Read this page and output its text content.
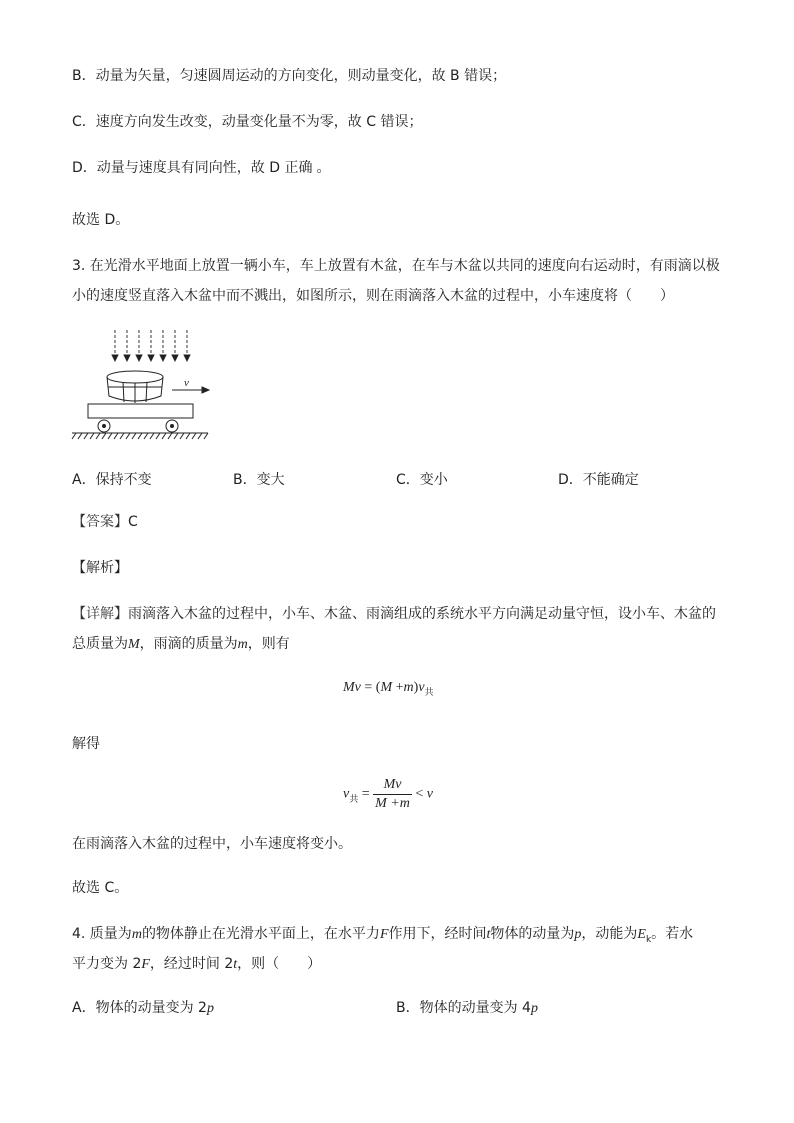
B．动量为矢量，匀速圆周运动的方向变化，则动量变化，故 B 错误；
C．速度方向发生改变，动量变化量不为零，故 C 错误；
D．动量与速度具有同向性，故 D 正确 。
故选 D。
3. 在光滑水平地面上放置一辆小车，车上放置有木盆，在车与木盆以共同的速度向右运动时，有雨滴以极
小的速度竖直落入木盆中而不溅出，如图所示，则在雨滴落入木盆的过程中，小车速度将（　　）
v
A．保持不变	B．变大	C．变小	D．不能确定
【答案】C
【解析】
【详解】雨滴落入木盆的过程中，小车、木盆、雨滴组成的系统水平方向满足动量守恒，设小车、木盆的
总质量为M，雨滴的质量为m，则有
$Mv = (M +m)v_共$
解得
$v_共 = \frac{Mv}{M +m} < v$
在雨滴落入木盆的过程中，小车速度将变小。
故选 C。
4. 质量为m的物体静止在光滑水平面上，在水平力F作用下，经时间t物体的动量为p，动能为$E_k$。若水
平力变为 2F，经过时间 2t，则（　　）
A．物体的动量变为 2p	B．物体的动量变为 4p
